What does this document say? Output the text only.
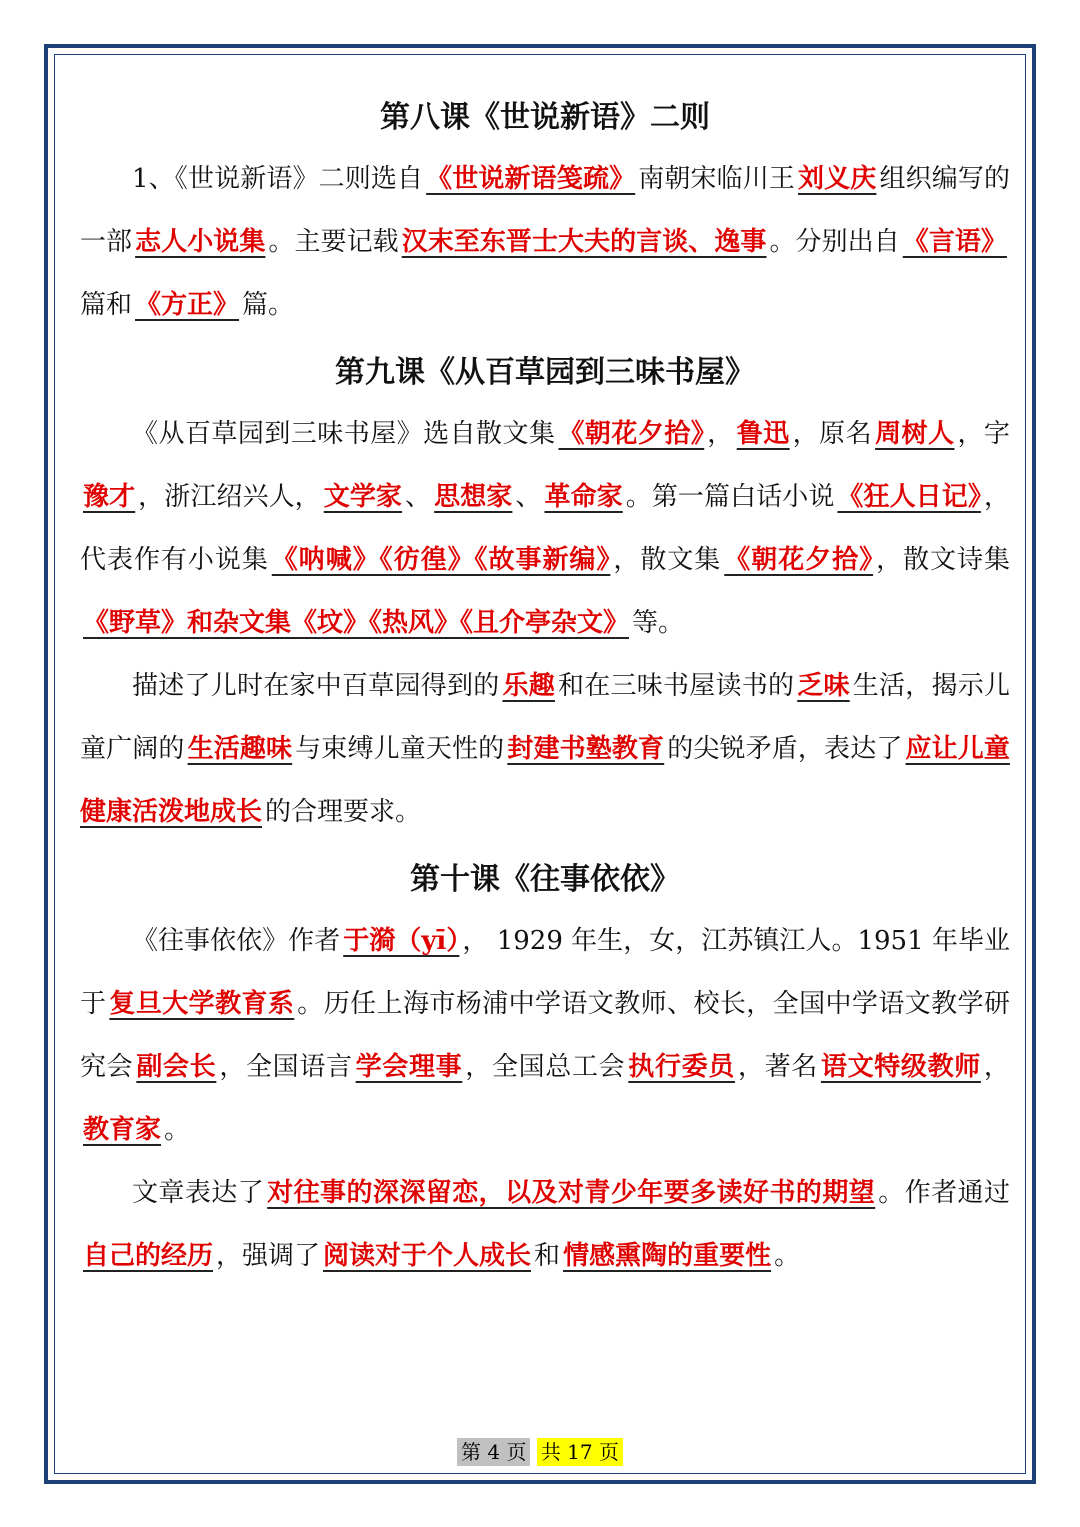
第八课《世说新语》二则

1、《世说新语》二则选自 《世说新语笺疏》 南朝宋临川王 刘义庆 组织编写的一部 志人小说集 。主要记载 汉末至东晋士大夫的言谈、逸事 。分别出自 《言语》篇和 《方正》 篇。

第九课《从百草园到三味书屋》

《从百草园到三味书屋》选自散文集 《朝花夕拾》 ， 鲁迅 ，原名 周树人 ，字豫才 ，浙江绍兴人， 文学家 、 思想家 、 革命家 。第一篇白话小说 《狂人日记》 ，代表作有小说集 《呐喊》《彷徨》《故事新编》 ，散文集 《朝花夕拾》 ，散文诗集《野草》和杂文集《坟》《热风》《且介亭杂文》 等。

描述了儿时在家中百草园得到的 乐趣 和在三味书屋读书的 乏味 生活，揭示儿童广阔的 生活趣味 与束缚儿童天性的 封建书塾教育 的尖锐矛盾，表达了 应让儿童健康活泼地成长 的合理要求。

第十课《往事依依》

《往事依依》作者 于漪（yī） ， 1929 年生，女，江苏镇江人。1951 年毕业于 复旦大学教育系 。历任上海市杨浦中学语文教师、校长，全国中学语文教学研究会 副会长 ，全国语言 学会理事 ，全国总工会 执行委员 ，著名 语文特级教师 ，教育家 。

文章表达了 对往事的深深留恋，以及对青少年要多读好书的期望 。作者通过自己的经历 ，强调了 阅读对于个人成长 和 情感熏陶的重要性 。

第 4 页 共 17 页
